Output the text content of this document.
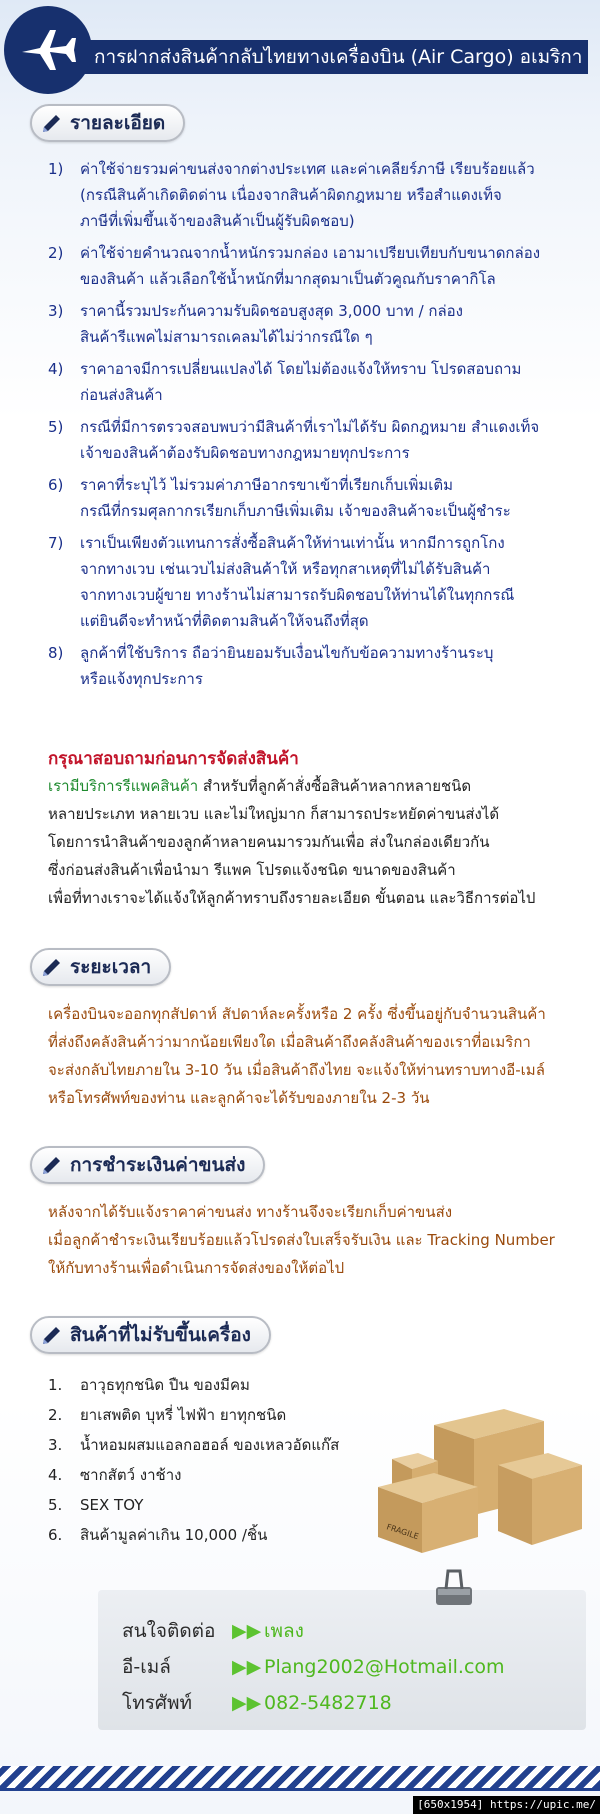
การฝากส่งสินค้ากลับไทยทางเครื่องบิน (Air Cargo) อเมริกา
รายละเอียด
1)	ค่าใช้จ่ายรวมค่าขนส่งจากต่างประเทศ และค่าเคลียร์ภาษี เรียบร้อยแล้ว
(กรณีสินค้าเกิดติดด่าน เนื่องจากสินค้าผิดกฎหมาย หรือสำแดงเท็จ
ภาษีที่เพิ่มขึ้นเจ้าของสินค้าเป็นผู้รับผิดชอบ)
2)	ค่าใช้จ่ายคำนวณจากน้ำหนักรวมกล่อง เอามาเปรียบเทียบกับขนาดกล่อง
ของสินค้า แล้วเลือกใช้น้ำหนักที่มากสุดมาเป็นตัวคูณกับราคากิโล
3)	ราคานี้รวมประกันความรับผิดชอบสูงสุด 3,000 บาท / กล่อง
สินค้ารีแพคไม่สามารถเคลมได้ไม่ว่ากรณีใด ๆ
4)	ราคาอาจมีการเปลี่ยนแปลงได้ โดยไม่ต้องแจ้งให้ทราบ โปรดสอบถาม
ก่อนส่งสินค้า
5)	กรณีที่มีการตรวจสอบพบว่ามีสินค้าที่เราไม่ได้รับ ผิดกฎหมาย สำแดงเท็จ
เจ้าของสินค้าต้องรับผิดชอบทางกฎหมายทุกประการ
6)	ราคาที่ระบุไว้ ไม่รวมค่าภาษีอากรขาเข้าที่เรียกเก็บเพิ่มเติม
กรณีที่กรมศุลกากรเรียกเก็บภาษีเพิ่มเติม เจ้าของสินค้าจะเป็นผู้ชำระ
7)	เราเป็นเพียงตัวแทนการสั่งซื้อสินค้าให้ท่านเท่านั้น หากมีการถูกโกง
จากทางเวบ เช่นเวบไม่ส่งสินค้าให้ หรือทุกสาเหตุที่ไม่ได้รับสินค้า
จากทางเวบผู้ขาย ทางร้านไม่สามารถรับผิดชอบให้ท่านได้ในทุกกรณี
แต่ยินดีจะทำหน้าที่ติดตามสินค้าให้จนถึงที่สุด
8)	ลูกค้าที่ใช้บริการ ถือว่ายินยอมรับเงื่อนไขกับข้อความทางร้านระบุ
หรือแจ้งทุกประการ
กรุณาสอบถามก่อนการจัดส่งสินค้า
เรามีบริการรีแพคสินค้า สำหรับที่ลูกค้าสั่งซื้อสินค้าหลากหลายชนิด
หลายประเภท หลายเวบ และไม่ใหญ่มาก ก็สามารถประหยัดค่าขนส่งได้
โดยการนำสินค้าของลูกค้าหลายคนมารวมกันเพื่อ ส่งในกล่องเดียวกัน
ซึ่งก่อนส่งสินค้าเพื่อนำมา รีแพค โปรดแจ้งชนิด ขนาดของสินค้า
เพื่อที่ทางเราจะได้แจ้งให้ลูกค้าทราบถึงรายละเอียด ขั้นตอน และวิธีการต่อไป
ระยะเวลา
เครื่องบินจะออกทุกสัปดาห์ สัปดาห์ละครั้งหรือ 2 ครั้ง ซึ่งขึ้นอยู่กับจำนวนสินค้า
ที่ส่งถึงคลังสินค้าว่ามากน้อยเพียงใด เมื่อสินค้าถึงคลังสินค้าของเราที่อเมริกา
จะส่งกลับไทยภายใน 3-10 วัน เมื่อสินค้าถึงไทย จะแจ้งให้ท่านทราบทางอี-เมล์
หรือโทรศัพท์ของท่าน และลูกค้าจะได้รับของภายใน 2-3 วัน
การชำระเงินค่าขนส่ง
หลังจากได้รับแจ้งราคาค่าขนส่ง ทางร้านจึงจะเรียกเก็บค่าขนส่ง
เมื่อลูกค้าชำระเงินเรียบร้อยแล้วโปรดส่งใบเสร็จรับเงิน และ Tracking Number
ให้กับทางร้านเพื่อดำเนินการจัดส่งของให้ต่อไป
สินค้าที่ไม่รับขึ้นเครื่อง
1.	อาวุธทุกชนิด ปืน ของมีคม
2.	ยาเสพติด บุหรี่ ไฟฟ้า ยาทุกชนิด
3.	น้ำหอมผสมแอลกอฮอล์ ของเหลวอัดแก๊ส
4.	ซากสัตว์ งาช้าง
5.	SEX TOY
6.	สินค้ามูลค่าเกิน 10,000 /ชิ้น	FRAGILE
สนใจติดต่อ ▶▶ เพลง
อี-เมล์	▶▶ Plang2002@Hotmail.com
โทรศัพท์	▶▶ 082-5482718
[650x1954] https://upic.me/
